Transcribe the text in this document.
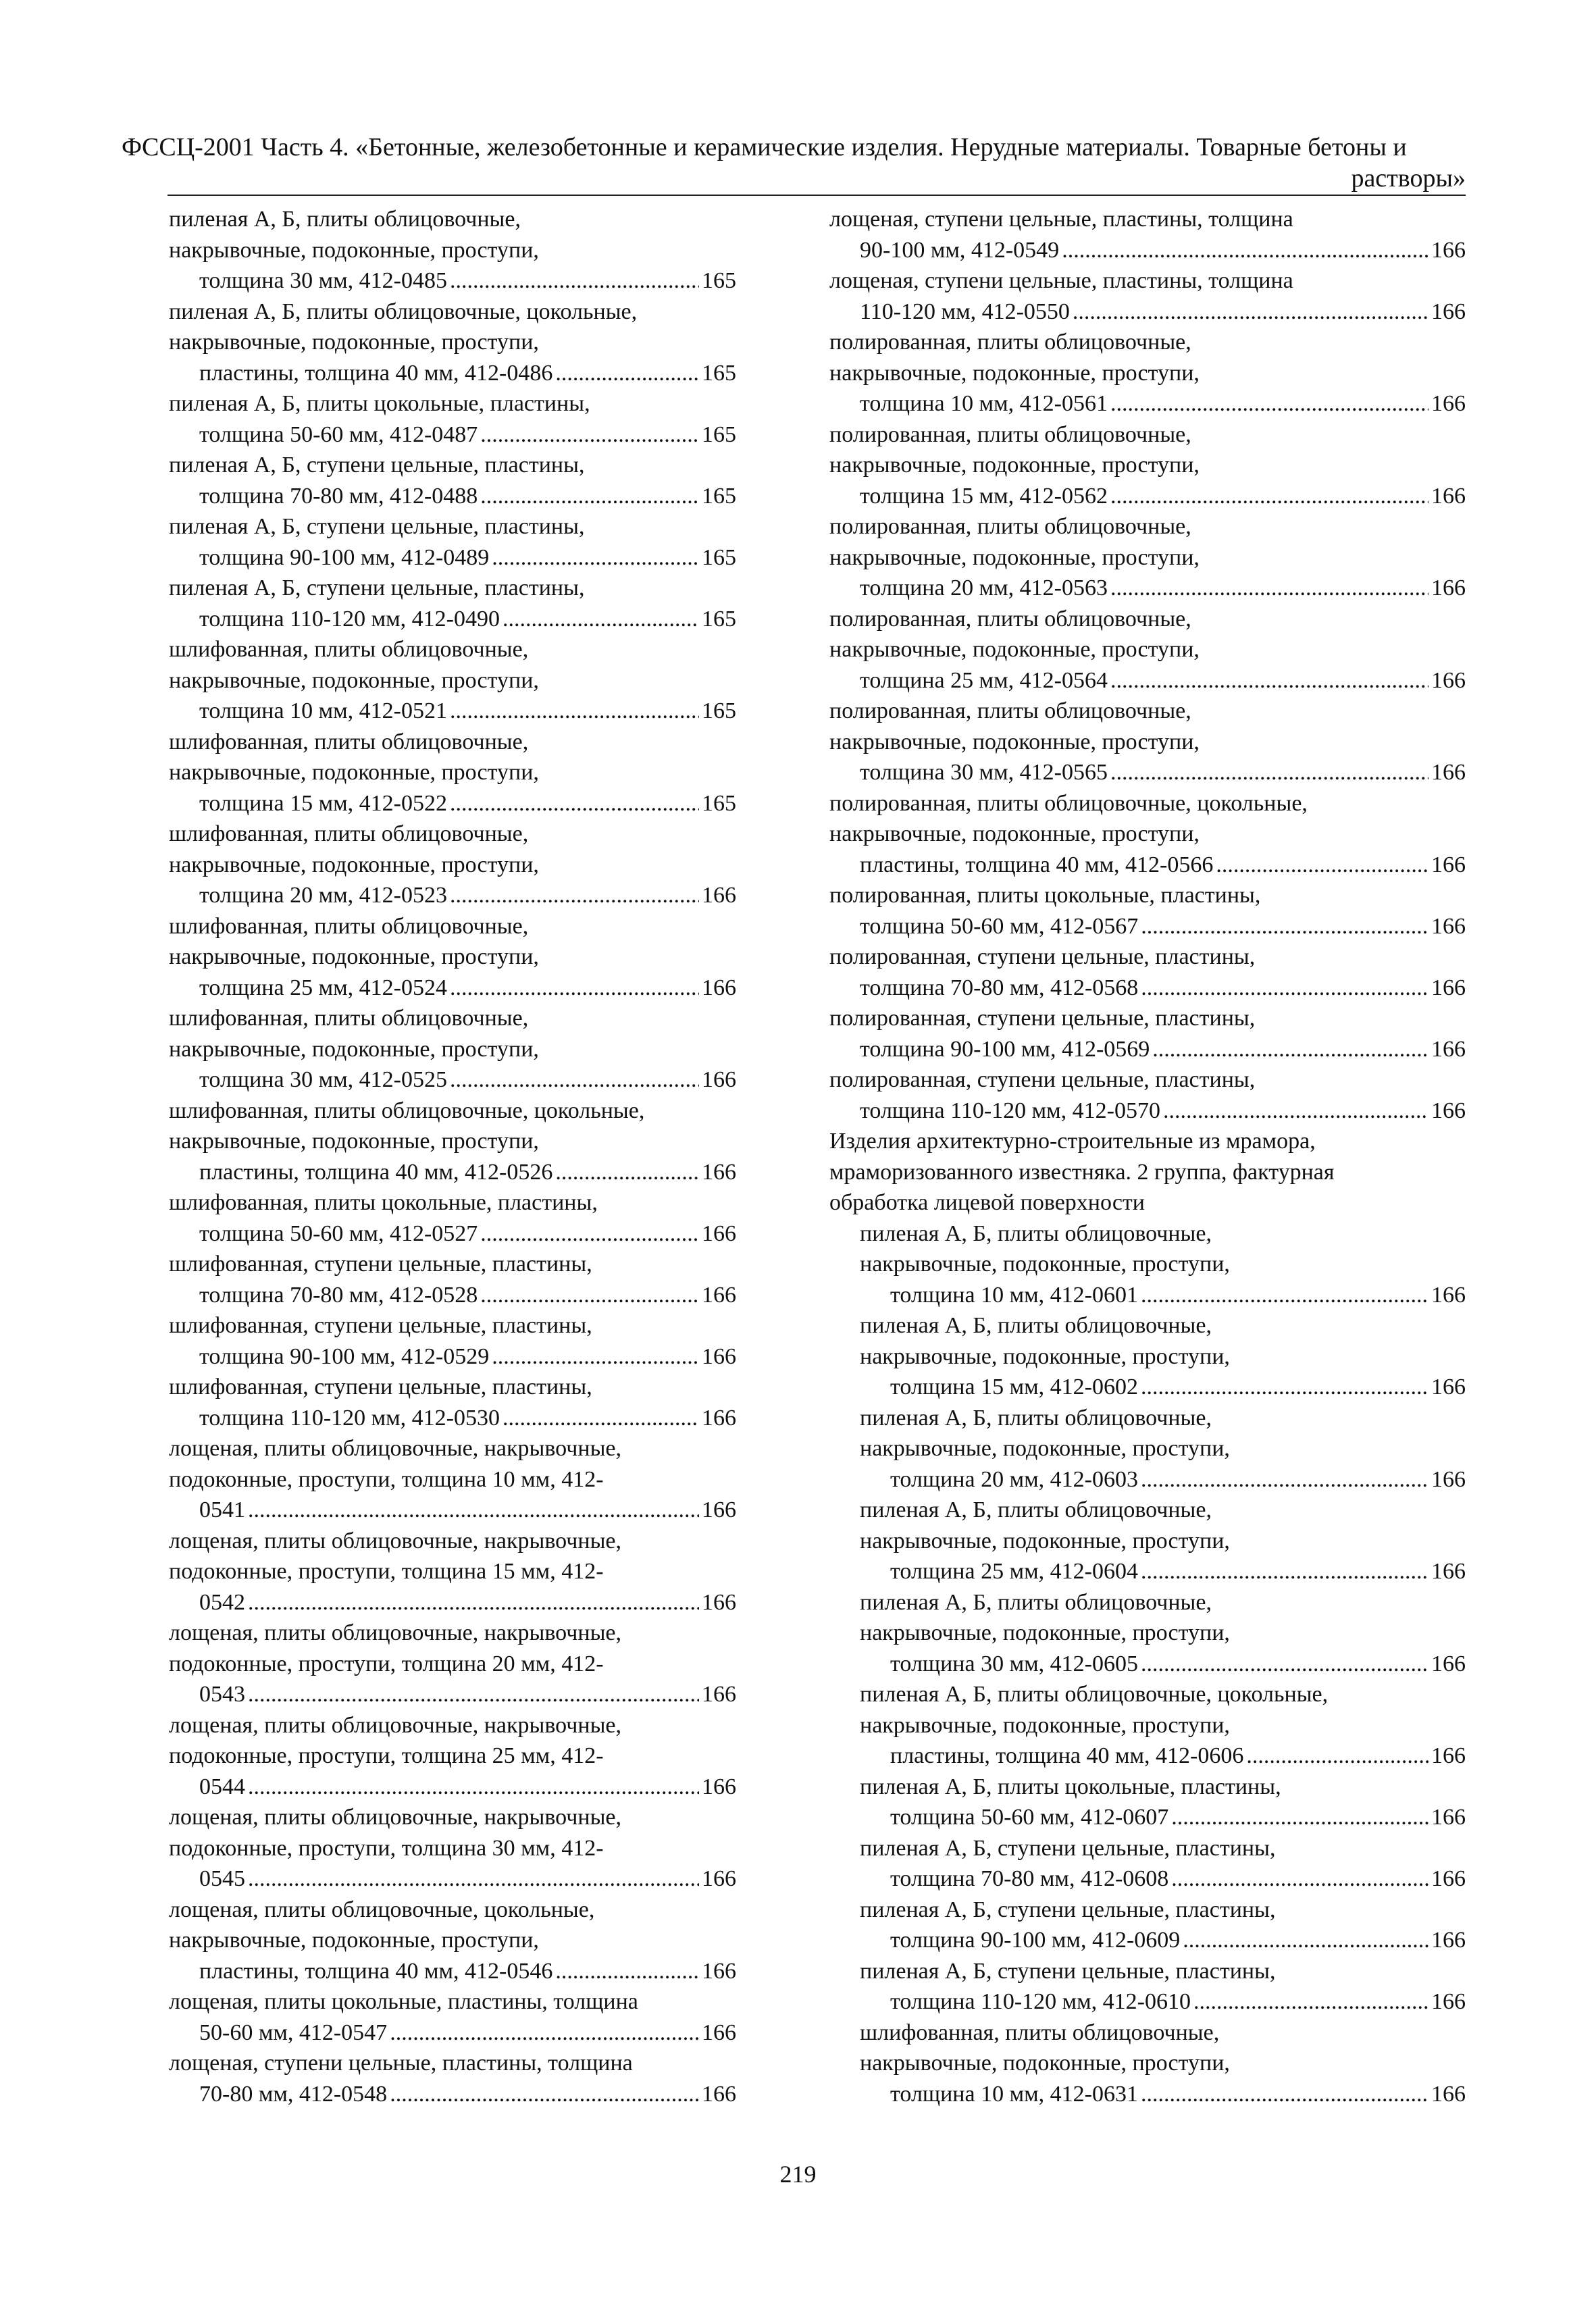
ФССЦ-2001 Часть 4. «Бетонные, железобетонные и керамические изделия. Нерудные материалы. Товарные бетоны и
растворы»
пиленая А, Б, плиты облицовочные,
накрывочные, подоконные, проступи,
толщина 30 мм, 412-0485 .....	165
пиленая А, Б, плиты облицовочные, цокольные,
накрывочные, подоконные, проступи,
пластины, толщина 40 мм, 412-0486 .....	165
пиленая А, Б, плиты цокольные, пластины,
толщина 50-60 мм, 412-0487 .....	165
пиленая А, Б, ступени цельные, пластины,
толщина 70-80 мм, 412-0488 .....	165
пиленая А, Б, ступени цельные, пластины,
толщина 90-100 мм, 412-0489 .....	165
пиленая А, Б, ступени цельные, пластины,
толщина 110-120 мм, 412-0490 .....	165
шлифованная, плиты облицовочные,
накрывочные, подоконные, проступи,
толщина 10 мм, 412-0521 .....	165
шлифованная, плиты облицовочные,
накрывочные, подоконные, проступи,
толщина 15 мм, 412-0522 .....	165
шлифованная, плиты облицовочные,
накрывочные, подоконные, проступи,
толщина 20 мм, 412-0523 .....	166
шлифованная, плиты облицовочные,
накрывочные, подоконные, проступи,
толщина 25 мм, 412-0524 .....	166
шлифованная, плиты облицовочные,
накрывочные, подоконные, проступи,
толщина 30 мм, 412-0525 .....	166
шлифованная, плиты облицовочные, цокольные,
накрывочные, подоконные, проступи,
пластины, толщина 40 мм, 412-0526 .....	166
шлифованная, плиты цокольные, пластины,
толщина 50-60 мм, 412-0527 .....	166
шлифованная, ступени цельные, пластины,
толщина 70-80 мм, 412-0528 .....	166
шлифованная, ступени цельные, пластины,
толщина 90-100 мм, 412-0529 .....	166
шлифованная, ступени цельные, пластины,
толщина 110-120 мм, 412-0530 .....	166
лощеная, плиты облицовочные, накрывочные,
подоконные, проступи, толщина 10 мм, 412-
0541 .....	166
лощеная, плиты облицовочные, накрывочные,
подоконные, проступи, толщина 15 мм, 412-
0542 .....	166
лощеная, плиты облицовочные, накрывочные,
подоконные, проступи, толщина 20 мм, 412-
0543 .....	166
лощеная, плиты облицовочные, накрывочные,
подоконные, проступи, толщина 25 мм, 412-
0544 .....	166
лощеная, плиты облицовочные, накрывочные,
подоконные, проступи, толщина 30 мм, 412-
0545 .....	166
лощеная, плиты облицовочные, цокольные,
накрывочные, подоконные, проступи,
пластины, толщина 40 мм, 412-0546 .....	166
лощеная, плиты цокольные, пластины, толщина
50-60 мм, 412-0547 .....	166
лощеная, ступени цельные, пластины, толщина
70-80 мм, 412-0548 .....	166
лощеная, ступени цельные, пластины, толщина
90-100 мм, 412-0549 .....	166
лощеная, ступени цельные, пластины, толщина
110-120 мм, 412-0550 .....	166
полированная, плиты облицовочные,
накрывочные, подоконные, проступи,
толщина 10 мм, 412-0561 .....	166
полированная, плиты облицовочные,
накрывочные, подоконные, проступи,
толщина 15 мм, 412-0562 .....	166
полированная, плиты облицовочные,
накрывочные, подоконные, проступи,
толщина 20 мм, 412-0563 .....	166
полированная, плиты облицовочные,
накрывочные, подоконные, проступи,
толщина 25 мм, 412-0564 .....	166
полированная, плиты облицовочные,
накрывочные, подоконные, проступи,
толщина 30 мм, 412-0565 .....	166
полированная, плиты облицовочные, цокольные,
накрывочные, подоконные, проступи,
пластины, толщина 40 мм, 412-0566 .....	166
полированная, плиты цокольные, пластины,
толщина 50-60 мм, 412-0567 .....	166
полированная, ступени цельные, пластины,
толщина 70-80 мм, 412-0568 .....	166
полированная, ступени цельные, пластины,
толщина 90-100 мм, 412-0569 .....	166
полированная, ступени цельные, пластины,
толщина 110-120 мм, 412-0570 .....	166
Изделия архитектурно-строительные из мрамора,
мраморизованного известняка. 2 группа, фактурная
обработка лицевой поверхности
пиленая А, Б, плиты облицовочные,
накрывочные, подоконные, проступи,
толщина 10 мм, 412-0601 .....	166
пиленая А, Б, плиты облицовочные,
накрывочные, подоконные, проступи,
толщина 15 мм, 412-0602 .....	166
пиленая А, Б, плиты облицовочные,
накрывочные, подоконные, проступи,
толщина 20 мм, 412-0603 .....	166
пиленая А, Б, плиты облицовочные,
накрывочные, подоконные, проступи,
толщина 25 мм, 412-0604 .....	166
пиленая А, Б, плиты облицовочные,
накрывочные, подоконные, проступи,
толщина 30 мм, 412-0605 .....	166
пиленая А, Б, плиты облицовочные, цокольные,
накрывочные, подоконные, проступи,
пластины, толщина 40 мм, 412-0606 .....	166
пиленая А, Б, плиты цокольные, пластины,
толщина 50-60 мм, 412-0607 .....	166
пиленая А, Б, ступени цельные, пластины,
толщина 70-80 мм, 412-0608 .....	166
пиленая А, Б, ступени цельные, пластины,
толщина 90-100 мм, 412-0609 .....	166
пиленая А, Б, ступени цельные, пластины,
толщина 110-120 мм, 412-0610 .....	166
шлифованная, плиты облицовочные,
накрывочные, подоконные, проступи,
толщина 10 мм, 412-0631 .....	166
219
